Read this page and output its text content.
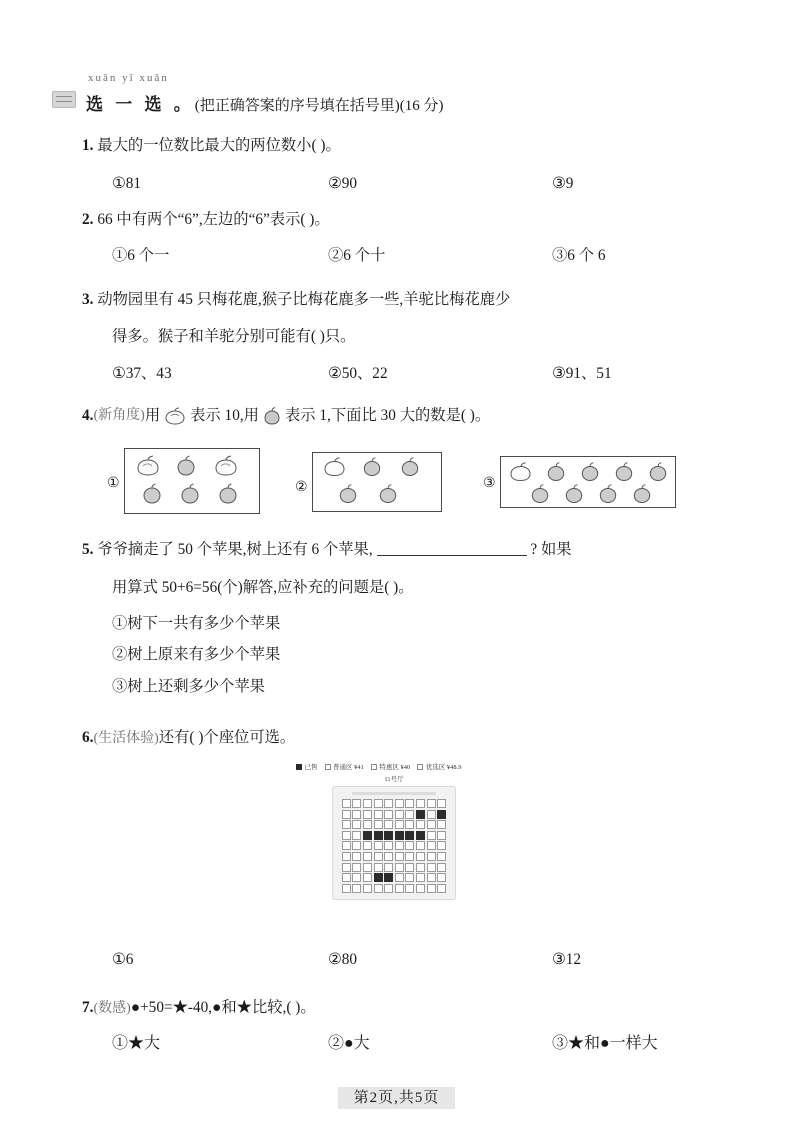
xuǎn yī xuǎn
选 一 选 。 (把正确答案的序号填在括号里)(16 分)
1. 最大的一位数比最大的两位数小( )。
①81	②90	③9
2. 66 中有两个“6”,左边的“6”表示( )。
①6 个一	②6 个十	③6 个 6
3. 动物园里有 45 只梅花鹿,猴子比梅花鹿多一些,羊驼比梅花鹿少
得多。猴子和羊驼分别可能有( )只。
①37、43	②50、22	③91、51
4. (新角度) 用 表示 10,用 表示 1,下面比 30 大的数是( )。
①	②	③
5. 爷爷摘走了 50 个苹果,树上还有 6 个苹果,	? 如果
用算式 50+6=56(个)解答,应补充的问题是( )。
①树下一共有多少个苹果
②树上原来有多少个苹果
③树上还剩多少个苹果
6. (生活体验) 还有( )个座位可选。
已售 普通区 ¥41 特惠区 ¥40 优选区 ¥48.9
11号厅
①6	②80	③12
7. (数感) ●+50=★-40,●和★比较,( )。
①★大	②●大	③★和●一样大
第2页,共5页
